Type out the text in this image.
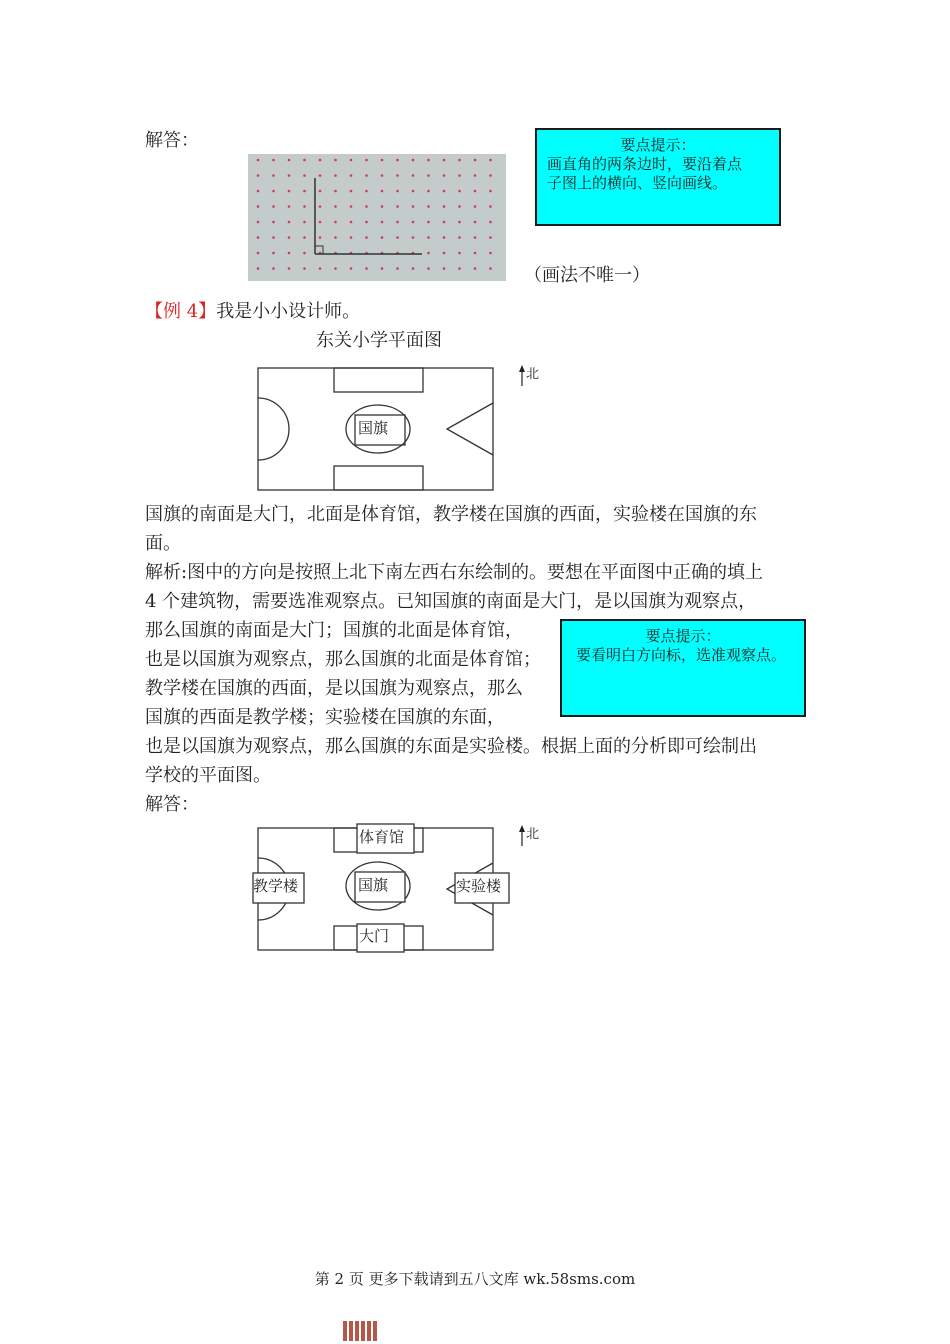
解答：	要点提示：
画直角的两条边时，要沿着点
子图上的横向、竖向画线。
（画法不唯一）
【例 4】我是小小设计师。
东关小学平面图
国旗
北
国旗的南面是大门，北面是体育馆，教学楼在国旗的西面，实验楼在国旗的东
面。
解析:图中的方向是按照上北下南左西右东绘制的。要想在平面图中正确的填上
4 个建筑物，需要选准观察点。已知国旗的南面是大门，是以国旗为观察点，
那么国旗的南面是大门；国旗的北面是体育馆，
也是以国旗为观察点，那么国旗的北面是体育馆；
教学楼在国旗的西面，是以国旗为观察点，那么
国旗的西面是教学楼；实验楼在国旗的东面，
也是以国旗为观察点，那么国旗的东面是实验楼。根据上面的分析即可绘制出
学校的平面图。
要点提示：
要看明白方向标，选准观察点。
解答：
体育馆
教学楼	国旗	实验楼
大门
北
第 2 页 更多下载请到五八文库 wk.58sms.com
